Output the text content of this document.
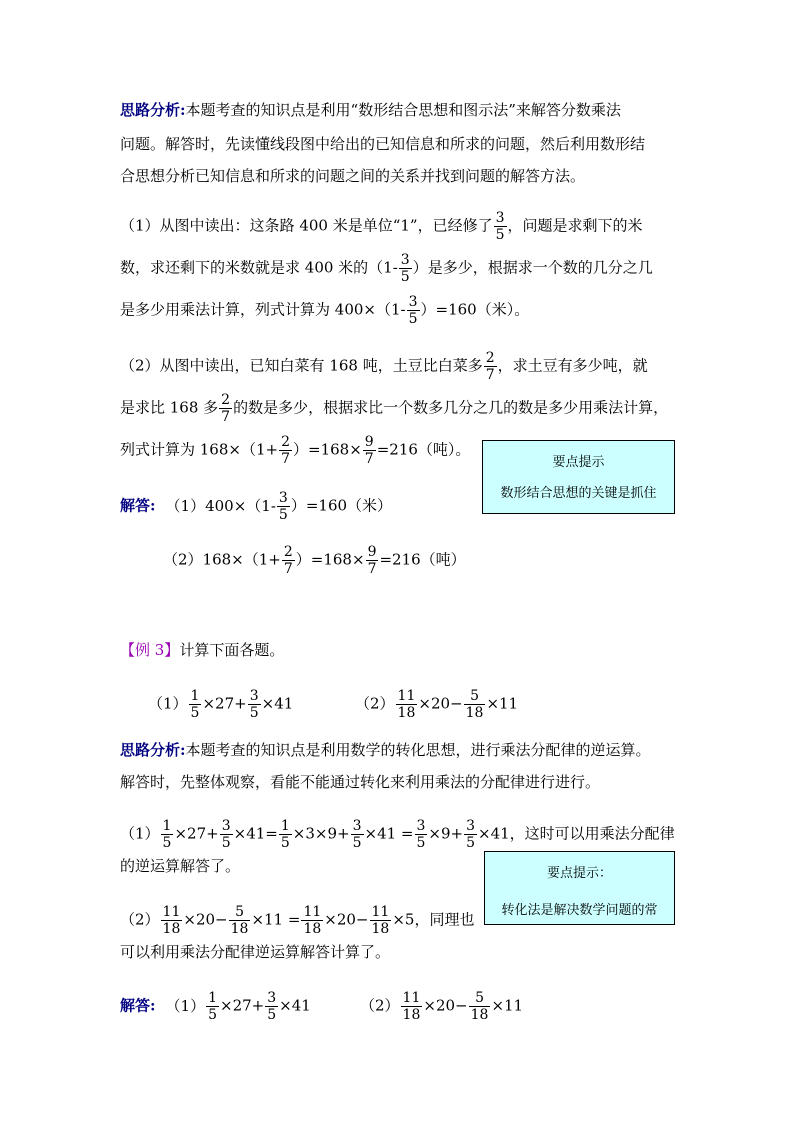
思路分析:本题考查的知识点是利用“数形结合思想和图示法”来解答分数乘法
问题。解答时，先读懂线段图中给出的已知信息和所求的问题，然后利用数形结
合思想分析已知信息和所求的问题之间的关系并找到问题的解答方法。
（1）从图中读出：这条路 400 米是单位“1”，已经修了 $\frac{3}{5}$ ，问题是求剩下的米
数，求还剩下的米数就是求 400 米的（$1- \frac{3}{5}$ ）是多少，根据求一个数的几分之几
是多少用乘法计算，列式计算为 $400\times(1- \frac{3}{5} )=160$（米）。
（2）从图中读出，已知白菜有 168 吨，土豆比白菜多 $\frac{2}{7}$ ，求土豆有多少吨，就
是求比 168 多 $\frac{2}{7}$ 的数是多少，根据求比一个数多几分之几的数是多少用乘法计算，
列式计算为 $168\times(1+ \frac{2}{7} )=168\times \frac{9}{7} =216$（吨）。
要点提示
数形结合思想的关键是抓住
解答: $(1)400\times(1- \frac{3}{5} )=160$（米）
$(2)168\times(1+ \frac{2}{7} )=168\times \frac{9}{7} =216$（吨）
【例 3】计算下面各题。
$(1) \frac{1}{5} \times 27+ \frac{3}{5} \times 41$	$(2) \frac{11}{18} \times 20- \frac{5}{18} \times 11$
思路分析:本题考查的知识点是利用数学的转化思想，进行乘法分配律的逆运算。
解答时，先整体观察，看能不能通过转化来利用乘法的分配律进行进行。
$(1) \frac{1}{5} \times 27+ \frac{3}{5} \times 41= \frac{1}{5} \times 3\times 9+ \frac{3}{5} \times 41 = \frac{3}{5} \times 9+ \frac{3}{5} \times 41$，这时可以用乘法分配律
的逆运算解答了。	要点提示：
转化法是解决数学问题的常
$(2) \frac{11}{18} \times 20- \frac{5}{18} \times 11 = \frac{11}{18} \times 20- \frac{11}{18} \times 5$，同理也
可以利用乘法分配律逆运算解答计算了。
解答: $(1) \frac{1}{5} \times 27+ \frac{3}{5} \times 41$	$(2) \frac{11}{18} \times 20- \frac{5}{18} \times 11$
